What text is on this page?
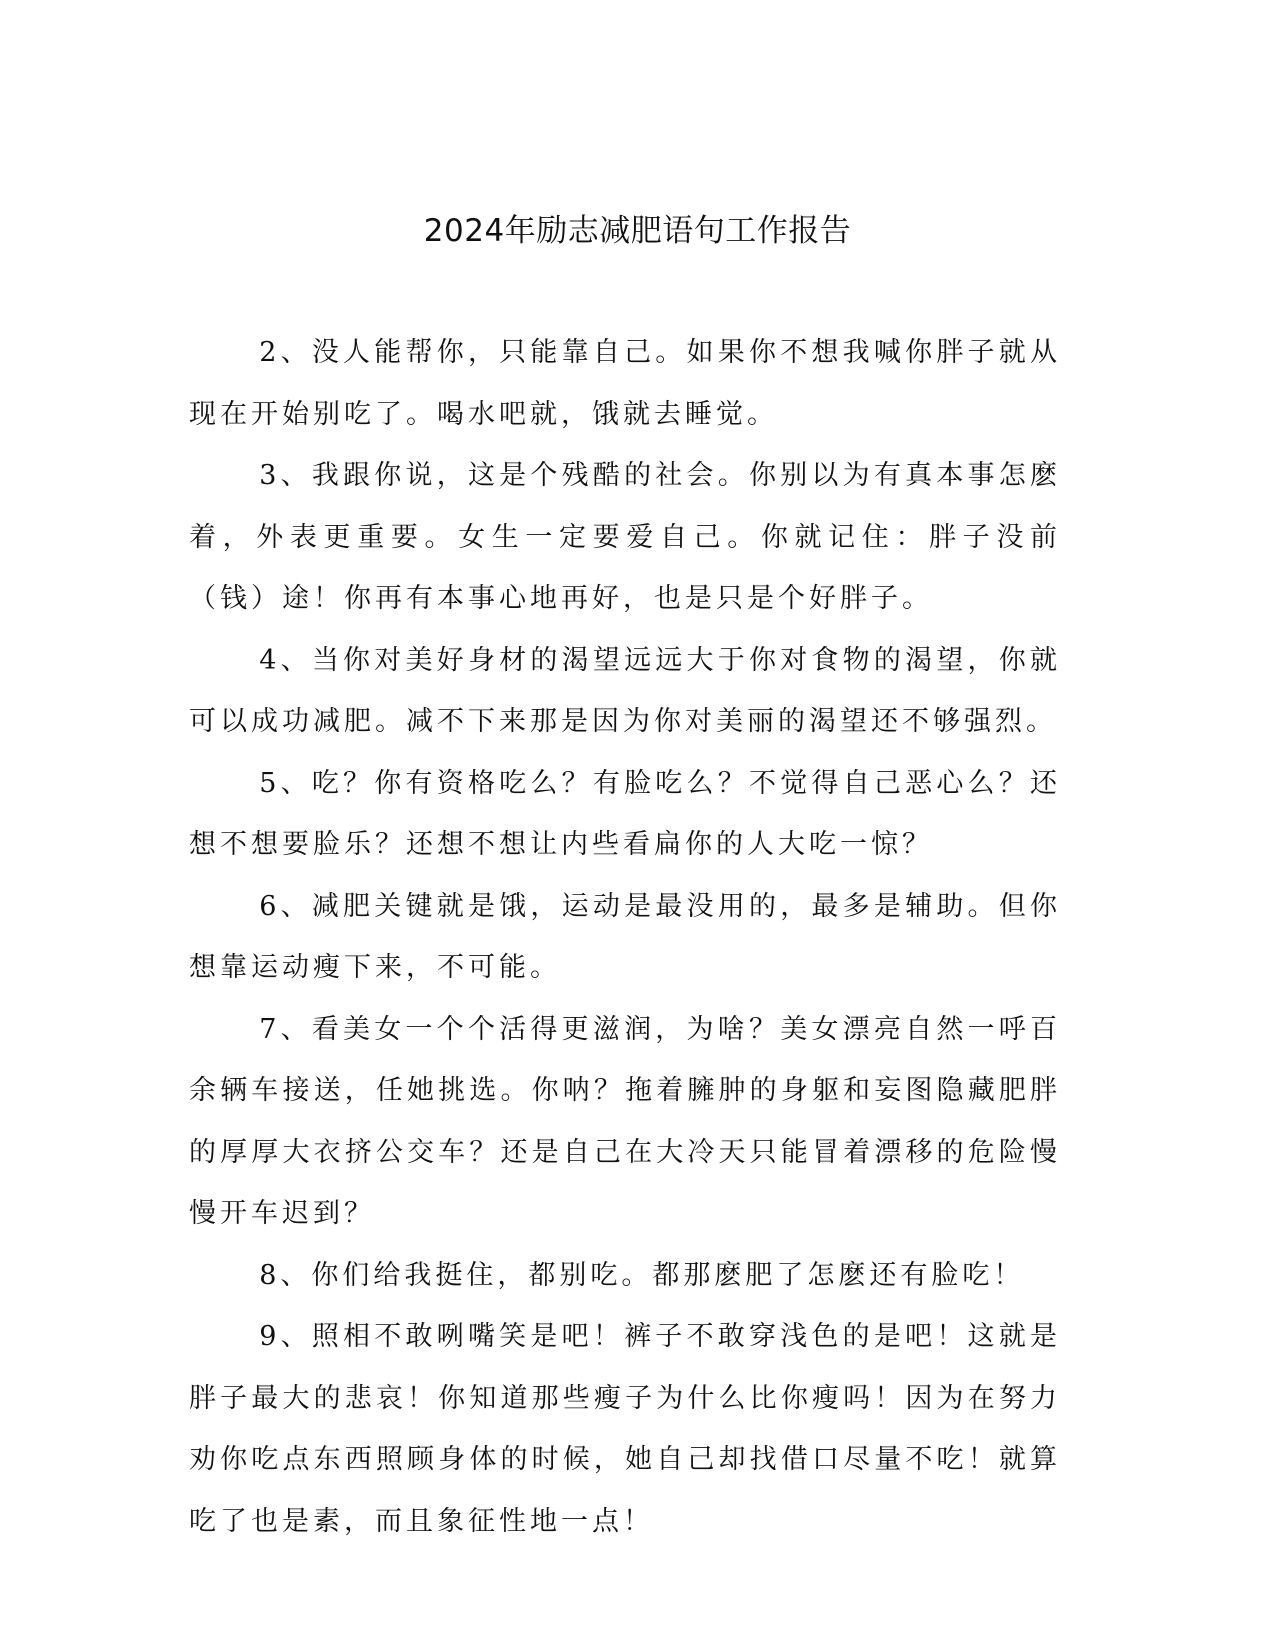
2024年励志减肥语句工作报告

2、没人能帮你，只能靠自己。如果你不想我喊你胖子就从现在开始别吃了。喝水吧就，饿就去睡觉。

3、我跟你说，这是个残酷的社会。你别以为有真本事怎麽着，外表更重要。女生一定要爱自己。你就记住：胖子没前（钱）途！你再有本事心地再好，也是只是个好胖子。

4、当你对美好身材的渴望远远大于你对食物的渴望，你就可以成功减肥。减不下来那是因为你对美丽的渴望还不够强烈。

5、吃？你有资格吃么？有脸吃么？不觉得自己恶心么？还想不想要脸乐？还想不想让内些看扁你的人大吃一惊？

6、减肥关键就是饿，运动是最没用的，最多是辅助。但你想靠运动瘦下来，不可能。

7、看美女一个个活得更滋润，为啥？美女漂亮自然一呼百余辆车接送，任她挑选。你呐？拖着臃肿的身躯和妄图隐藏肥胖的厚厚大衣挤公交车？还是自己在大冷天只能冒着漂移的危险慢慢开车迟到？

8、你们给我挺住，都别吃。都那麽肥了怎麽还有脸吃！

9、照相不敢咧嘴笑是吧！裤子不敢穿浅色的是吧！这就是胖子最大的悲哀！你知道那些瘦子为什么比你瘦吗！因为在努力劝你吃点东西照顾身体的时候，她自己却找借口尽量不吃！就算吃了也是素，而且象征性地一点！
